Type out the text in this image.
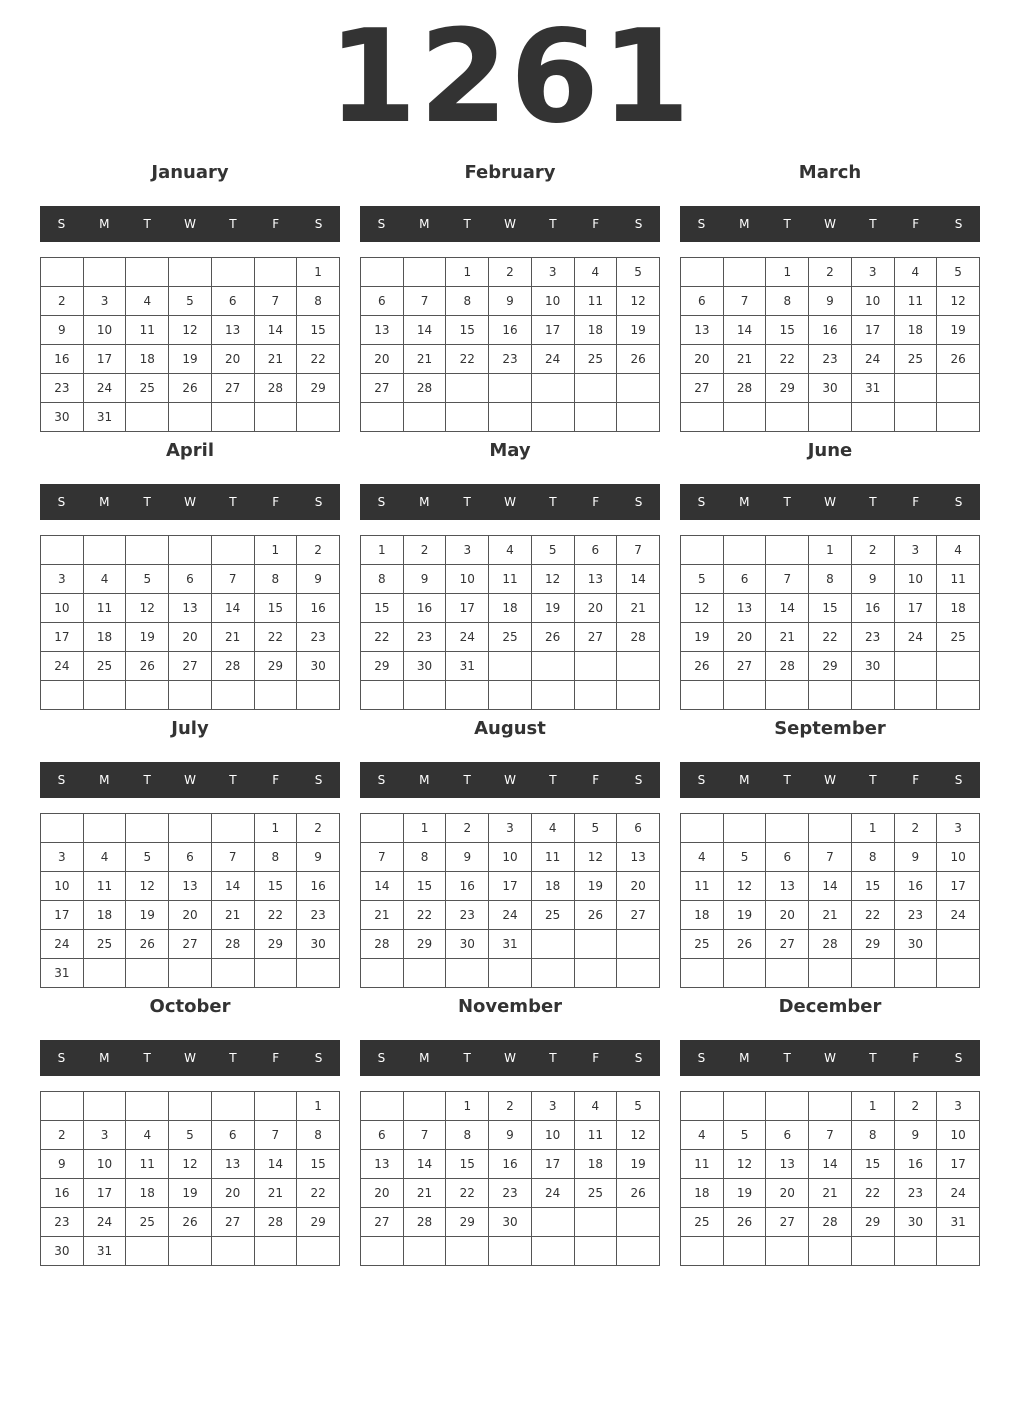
1261
January
S	M	T	W	T	F	S
						1
2	3	4	5	6	7	8
9	10	11	12	13	14	15
16	17	18	19	20	21	22
23	24	25	26	27	28	29
30	31					
February
S	M	T	W	T	F	S
		1	2	3	4	5
6	7	8	9	10	11	12
13	14	15	16	17	18	19
20	21	22	23	24	25	26
27	28					

March
S	M	T	W	T	F	S
		1	2	3	4	5
6	7	8	9	10	11	12
13	14	15	16	17	18	19
20	21	22	23	24	25	26
27	28	29	30	31		

April
S	M	T	W	T	F	S
					1	2
3	4	5	6	7	8	9
10	11	12	13	14	15	16
17	18	19	20	21	22	23
24	25	26	27	28	29	30

May
S	M	T	W	T	F	S
1	2	3	4	5	6	7
8	9	10	11	12	13	14
15	16	17	18	19	20	21
22	23	24	25	26	27	28
29	30	31				

June
S	M	T	W	T	F	S
			1	2	3	4
5	6	7	8	9	10	11
12	13	14	15	16	17	18
19	20	21	22	23	24	25
26	27	28	29	30		

July
S	M	T	W	T	F	S
					1	2
3	4	5	6	7	8	9
10	11	12	13	14	15	16
17	18	19	20	21	22	23
24	25	26	27	28	29	30
31						
August
S	M	T	W	T	F	S
	1	2	3	4	5	6
7	8	9	10	11	12	13
14	15	16	17	18	19	20
21	22	23	24	25	26	27
28	29	30	31			

September
S	M	T	W	T	F	S
				1	2	3
4	5	6	7	8	9	10
11	12	13	14	15	16	17
18	19	20	21	22	23	24
25	26	27	28	29	30	

October
S	M	T	W	T	F	S
						1
2	3	4	5	6	7	8
9	10	11	12	13	14	15
16	17	18	19	20	21	22
23	24	25	26	27	28	29
30	31					
November
S	M	T	W	T	F	S
		1	2	3	4	5
6	7	8	9	10	11	12
13	14	15	16	17	18	19
20	21	22	23	24	25	26
27	28	29	30			

December
S	M	T	W	T	F	S
				1	2	3
4	5	6	7	8	9	10
11	12	13	14	15	16	17
18	19	20	21	22	23	24
25	26	27	28	29	30	31
